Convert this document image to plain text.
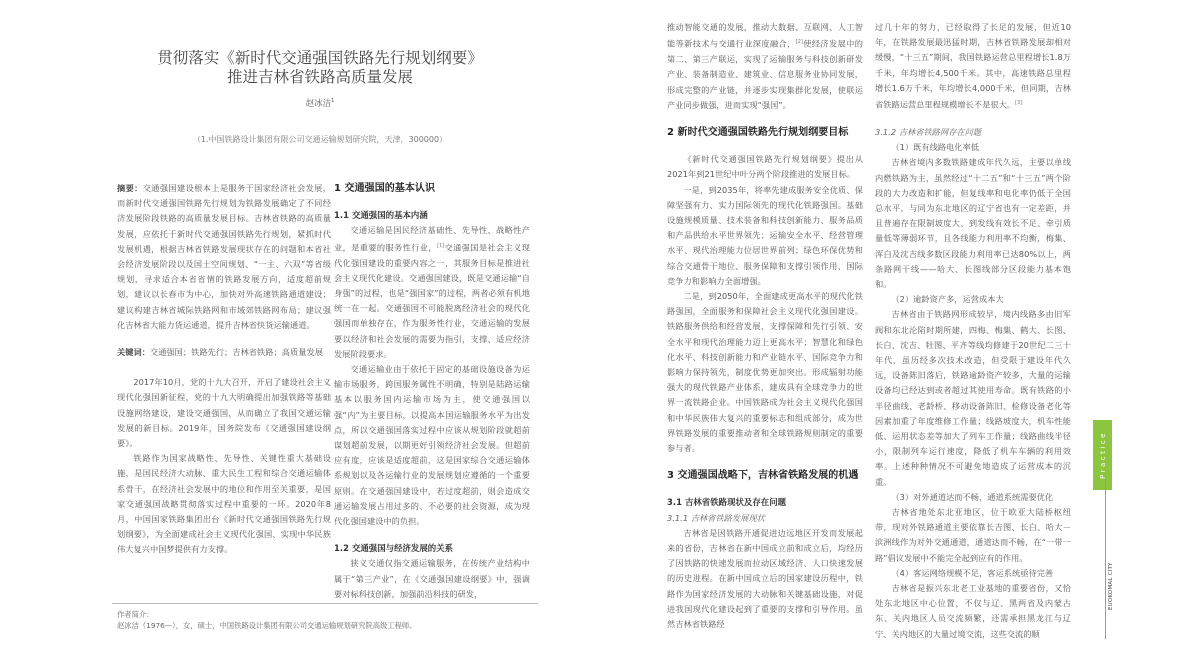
贯彻落实《新时代交通强国铁路先行规划纲要》
推进吉林省铁路高质量发展
赵冰洁$^1$
（1.中国铁路设计集团有限公司交通运输规划研究院，天津，300000）

摘要：交通强国建设根本上是服务于国家经济社会发展，而新时代交通强国铁路先行规划为铁路发展确定了不同经济发展阶段铁路的高质量发展目标。吉林省铁路的高质量发展，应依托于新时代交通强国铁路先行规划，紧抓时代发展机遇，根据吉林省铁路发展现状存在的问题和本省社会经济发展阶段以及国土空间规划、“一主、六双”等省级规划，寻求适合本省省情的铁路发展方向，适度超前规划，建议以长春市为中心，加快对外高速铁路通道建设；建议构建吉林省城际铁路网和市域郊铁路网布局；建议强化吉林省大能力货运通道，提升吉林省快货运输通道。

关键词：交通强国；铁路先行；吉林省铁路；高质量发展

2017年10月，党的十九大召开，开启了建设社会主义现代化强国新征程，党的十九大明确提出加强铁路等基础设施网络建设，建设交通强国，从而确立了我国交通运输发展的新目标。2019年，国务院发布《交通强国建设纲要》。

铁路作为国家战略性、先导性、关键性重大基础设施，是国民经济大动脉、重大民生工程和综合交通运输体系骨干，在经济社会发展中的地位和作用至关重要，是国家交通强国战略贯彻落实过程中重要的一环。2020年8月，中国国家铁路集团出台《新时代交通强国铁路先行规划纲要》，为全面建成社会主义现代化强国、实现中华民族伟大复兴中国梦提供有力支撑。

1 交通强国的基本认识

1.1 交通强国的基本内涵

交通运输是国民经济基础性、先导性、战略性产业，是重要的服务性行业，[1]交通强国是社会主义现代化强国建设的重要内容之一，其服务目标是推进社会主义现代化建设。交通强国建设，既是交通运输“自身强”的过程，也是“强国家”的过程，两者必须有机地统一在一起。交通强国不可能脱离经济社会的现代化强国而单独存在，作为服务性行业，交通运输的发展要以经济和社会发展的需要为指引，支撑、适应经济发展阶段要求。

交通运输业由于依托于固定的基础设施设备为运输市场服务，跨国服务属性不明确，特别是陆路运输基本以服务国内运输市场为主，使交通强国以强“内”为主要目标，以提高本国运输服务水平为出发点，所以交通强国落实过程中应该从规划阶段就超前谋划超前发展，以期更好引领经济社会发展。但超前应有度，应该是适度超前，这是国家综合交通运输体系规划以及各运输行业的发展规划应遵循的一个重要原则。在交通强国建设中，若过度超前，则会造成交通运输发展占用过多的、不必要的社会资源，成为现代化强国建设中的负担。

1.2 交通强国与经济发展的关系

狭义交通仅指交通运输服务，在传统产业结构中属于“第三产业”，在《交通强国建设纲要》中，强调要对标科技创新，加强前沿科技的研发，

作者简介：
赵冰洁（1976—），女，硕士，中国铁路设计集团有限公司交通运输规划研究院高级工程师。

推动智能交通的发展，推动大数据、互联网、人工智能等新技术与交通行业深度融合，[2]使经济发展中的第二、第三产联运，实现了运输服务与科技创新研发产业、装备制造业、建筑业、信息服务业协同发展，形成完整的产业链，并逐步实现集群化发展，使联运产业同步做强，进而实现“强国”。

2 新时代交通强国铁路先行规划纲要目标

《新时代交通强国铁路先行规划纲要》提出从2021年到21世纪中叶分两个阶段推进的发展目标。

一是，到2035年，将率先建成服务安全优质、保障坚强有力、实力国际领先的现代化铁路强国。基础设施规模质量、技术装备和科技创新能力、服务品质和产品供给水平世界领先；运输安全水平、经营管理水平、现代治理能力位居世界前列；绿色环保优势和综合交通骨干地位、服务保障和支撑引领作用、国际竞争力和影响力全面增强。

二是，到2050年，全面建成更高水平的现代化铁路强国，全面服务和保障社会主义现代化强国建设。铁路服务供给和经营发展、支撑保障和先行引领、安全水平和现代治理能力迈上更高水平；智慧化和绿色化水平、科技创新能力和产业链水平、国际竞争力和影响力保持领先，制度优势更加突出。形成辐射功能强大的现代铁路产业体系，建成具有全球竞争力的世界一流铁路企业。中国铁路成为社会主义现代化强国和中华民族伟大复兴的重要标志和组成部分，成为世界铁路发展的重要推动者和全球铁路规则制定的重要参与者。

3 交通强国战略下，吉林省铁路发展的机遇

3.1 吉林省铁路现状及存在问题

3.1.1 吉林省铁路发展现状

吉林省是因铁路开通促进边远地区开发而发展起来的省份，吉林省在新中国成立前和成立后，均经历了因铁路的快速发展而拉动区域经济、人口快速发展的历史进程。在新中国成立后的国家建设历程中，铁路作为国家经济发展的大动脉和关键基础设施，对促进我国现代化建设起到了重要的支撑和引导作用。虽然吉林省铁路经

过几十年的努力，已经取得了长足的发展，但近10年，在铁路发展最迅猛时期，吉林省铁路发展却相对缓慢，“十三五”期间，我国铁路运营总里程增长1.8万千米，年均增长4,500千米。其中，高速铁路总里程增长1.6万千米，年均增长4,000千米，但同期，吉林省铁路运营总里程规模增长不是很大。[3]

3.1.2 吉林省铁路网存在问题

（1）既有线路电化率低

吉林省境内多数铁路建成年代久远，主要以单线内燃铁路为主，虽然经过“十二五”和“十三五”两个阶段的大力改造和扩能，但复线率和电化率仍低于全国总水平，与同为东北地区的辽宁省也有一定差距，并且普遍存在限制坡度大、到发线有效长不足、牵引质量低等薄弱环节，且各线能力利用率不均衡，梅集、浑白及沈吉线多数区段能力利用率已达80%以上，两条路网干线——哈大、长图线部分区段能力基本饱和。

（2）逾龄资产多，运营成本大

吉林省由于铁路网形成较早，境内线路多由旧军阀和东北沦陷时期所建，四梅、梅集、鹤大、长图、长白、沈吉、牡图、平齐等线均修建于20世纪二三十年代，虽历经多次技术改造，但受限于建设年代久远，设备陈旧落后，铁路逾龄资产较多，大量的运输设备均已经达到或者超过其使用寿命。既有铁路的小半径曲线、老龄桥、移动设备陈旧、检修设备老化等因素加重了年度维修工作量；线路坡度大，机车性能低、运用状态差等加大了列车工作量；线路曲线半径小，限制列车运行速度，降低了机车车辆的利用效率。上述种种情况不可避免地造成了运营成本的沉重。

（3）对外通道达而不畅，通道系统需要优化

吉林省地处东北亚地区，位于欧亚大陆桥枢纽带，现对外铁路通道主要依靠长吉图、长白、哈大－滨洲线作为对外交通通道，通道达而不畅，在“一带一路”倡议发展中不能完全起到应有的作用。

（4）客运网络规模不足，客运系统亟待完善

吉林省是振兴东北老工业基地的重要省份，又恰处东北地区中心位置，不仅与辽、黑两省及内蒙古东、关内地区人员交流频繁，还需承担黑龙江与辽宁、关内地区的大量过境交流，这些交流的顺

Practice
EUOKOMAL CITY
